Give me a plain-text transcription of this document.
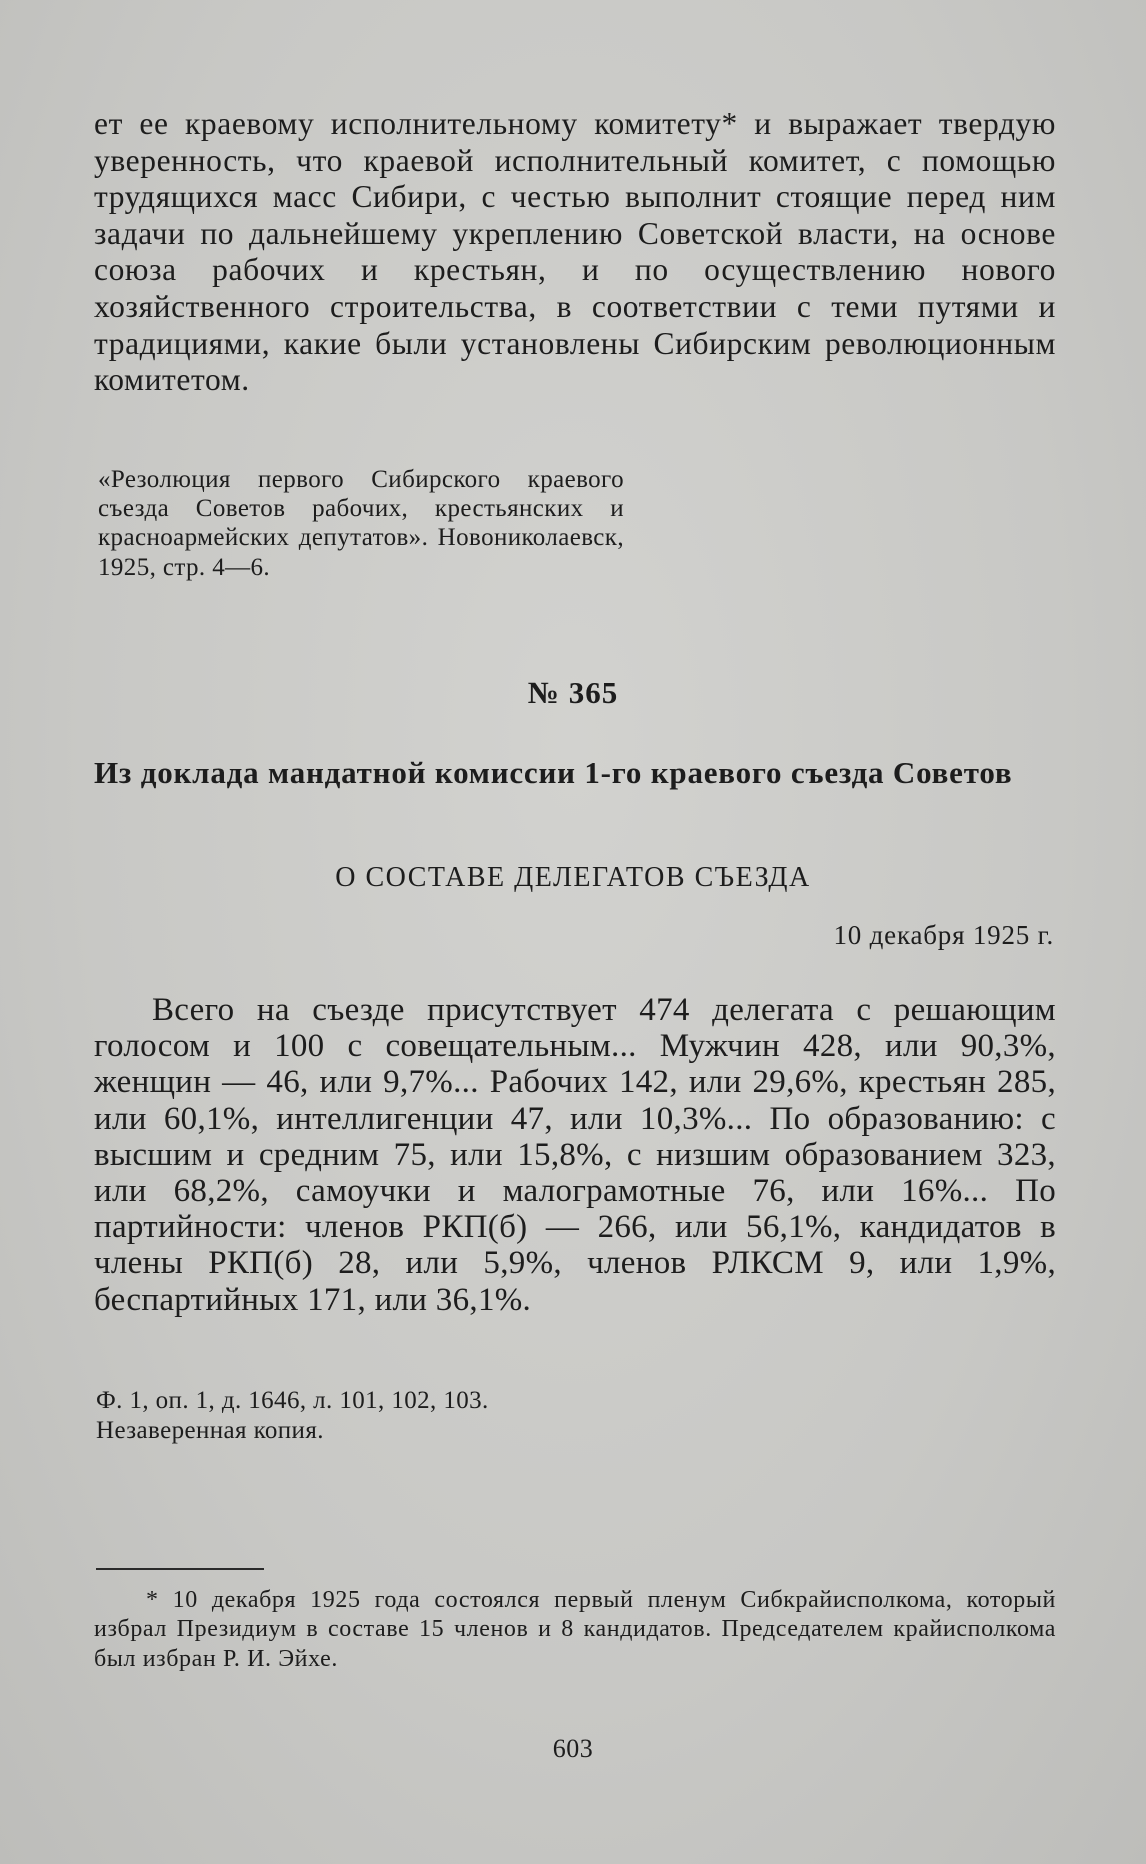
ет ее краевому исполнительному комитету* и выражает твердую уверенность, что краевой исполнительный комитет, с помощью трудящихся масс Сибири, с честью выполнит стоящие перед ним задачи по дальнейшему укреплению Советской власти, на основе союза рабочих и крестьян, и по осуществлению нового хозяйственного строительства, в соответствии с теми путями и традициями, какие были установлены Сибирским революционным комитетом.

«Резолюция первого Сибирского краевого съезда Советов рабочих, крестьянских и красноармейских депутатов». Новониколаевск, 1925, стр. 4—6.
№ 365
Из доклада мандатной комиссии 1-го краевого съезда Советов
О СОСТАВЕ ДЕЛЕГАТОВ СЪЕЗДА
10 декабря 1925 г.

Всего на съезде присутствует 474 делегата с решающим голосом и 100 с совещательным... Мужчин 428, или 90,3%, женщин — 46, или 9,7%... Рабочих 142, или 29,6%, крестьян 285, или 60,1%, интеллигенции 47, или 10,3%... По образованию: с высшим и средним 75, или 15,8%, с низшим образованием 323, или 68,2%, самоучки и малограмотные 76, или 16%... По партийности: членов РКП(б) — 266, или 56,1%, кандидатов в члены РКП(б) 28, или 5,9%, членов РЛКСМ 9, или 1,9%, беспартийных 171, или 36,1%.

Ф. 1, оп. 1, д. 1646, л. 101, 102, 103.
Незаверенная копия.

* 10 декабря 1925 года состоялся первый пленум Сибкрайисполкома, который избрал Президиум в составе 15 членов и 8 кандидатов. Председателем крайисполкома был избран Р. И. Эйхе.

603
